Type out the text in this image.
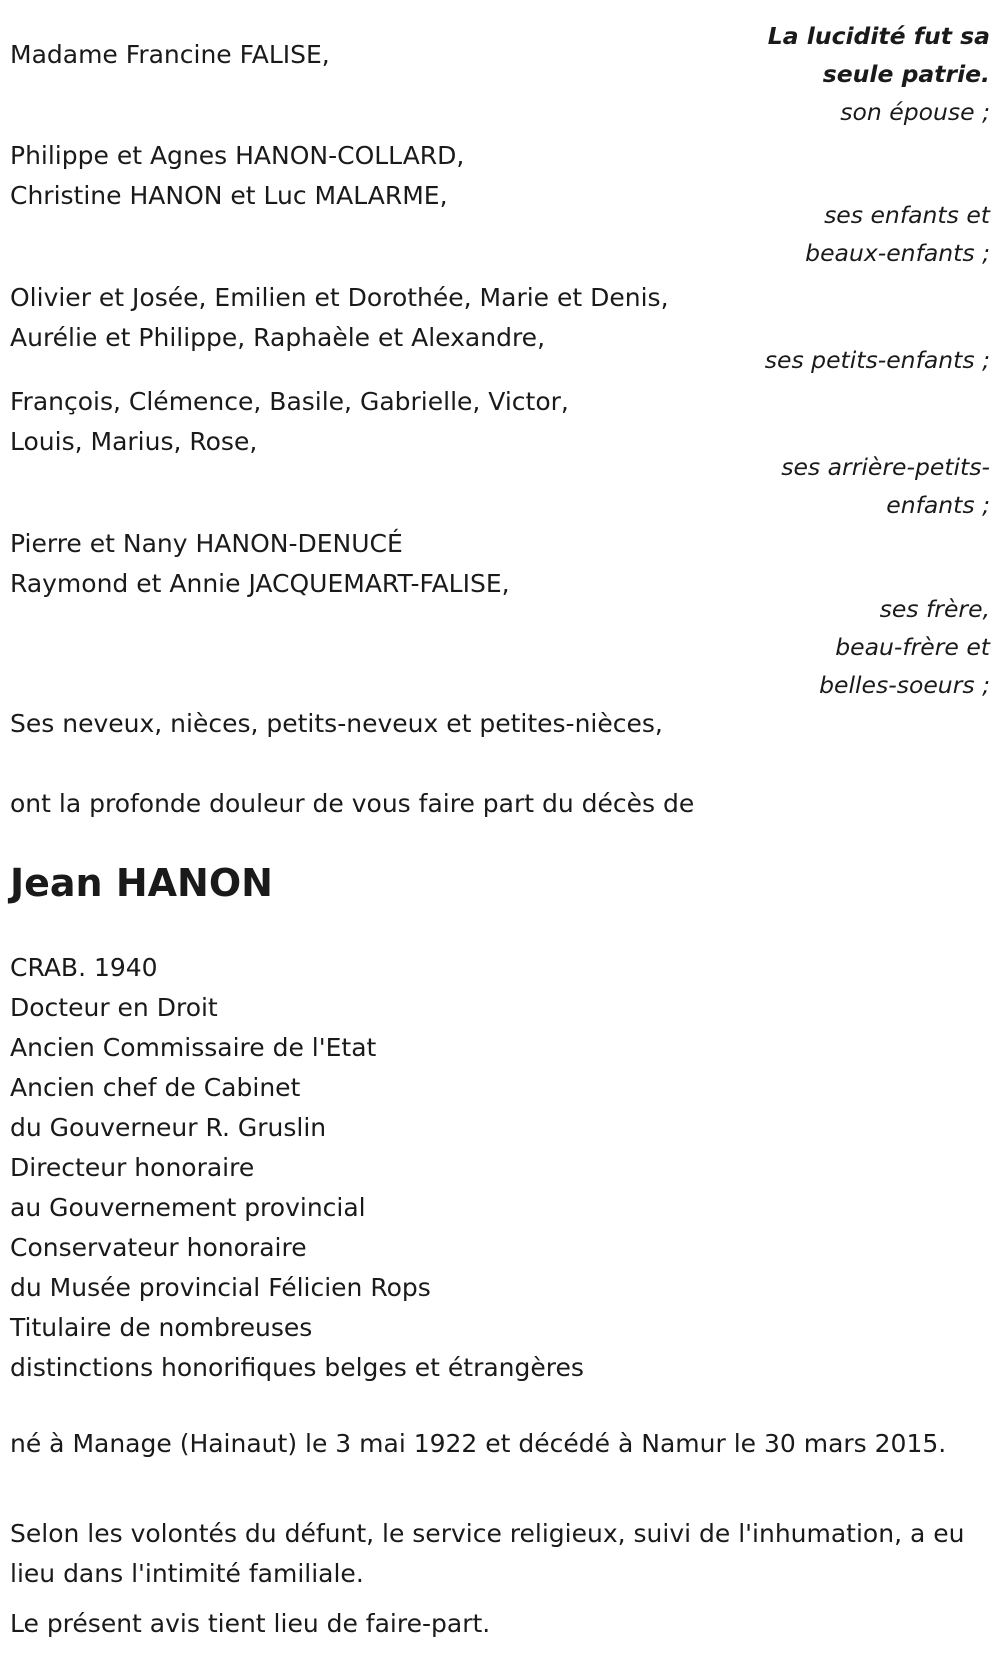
La lucidité fut sa
seule patrie.
son épouse ;
ses enfants et
beaux-enfants ;
ses petits-enfants ;
ses arrière-petits-
enfants ;
ses frère,
beau-frère et
belles-soeurs ;
Madame Francine FALISE,
Philippe et Agnes HANON-COLLARD,
Christine HANON et Luc MALARME,
Olivier et Josée, Emilien et Dorothée, Marie et Denis,
Aurélie et Philippe, Raphaèle et Alexandre,
François, Clémence, Basile, Gabrielle, Victor,
Louis, Marius, Rose,
Pierre et Nany HANON-DENUCÉ
Raymond et Annie JACQUEMART-FALISE,
Ses neveux, nièces, petits-neveux et petites-nièces,
ont la profonde douleur de vous faire part du décès de
Jean HANON
CRAB. 1940
Docteur en Droit
Ancien Commissaire de l'Etat
Ancien chef de Cabinet
du Gouverneur R. Gruslin
Directeur honoraire
au Gouvernement provincial
Conservateur honoraire
du Musée provincial Félicien Rops
Titulaire de nombreuses
distinctions honorifiques belges et étrangères

né à Manage (Hainaut) le 3 mai 1922 et décédé à Namur le 30 mars 2015.

Selon les volontés du défunt, le service religieux, suivi de l'inhumation, a eu lieu dans l'intimité familiale.

Le présent avis tient lieu de faire-part.
